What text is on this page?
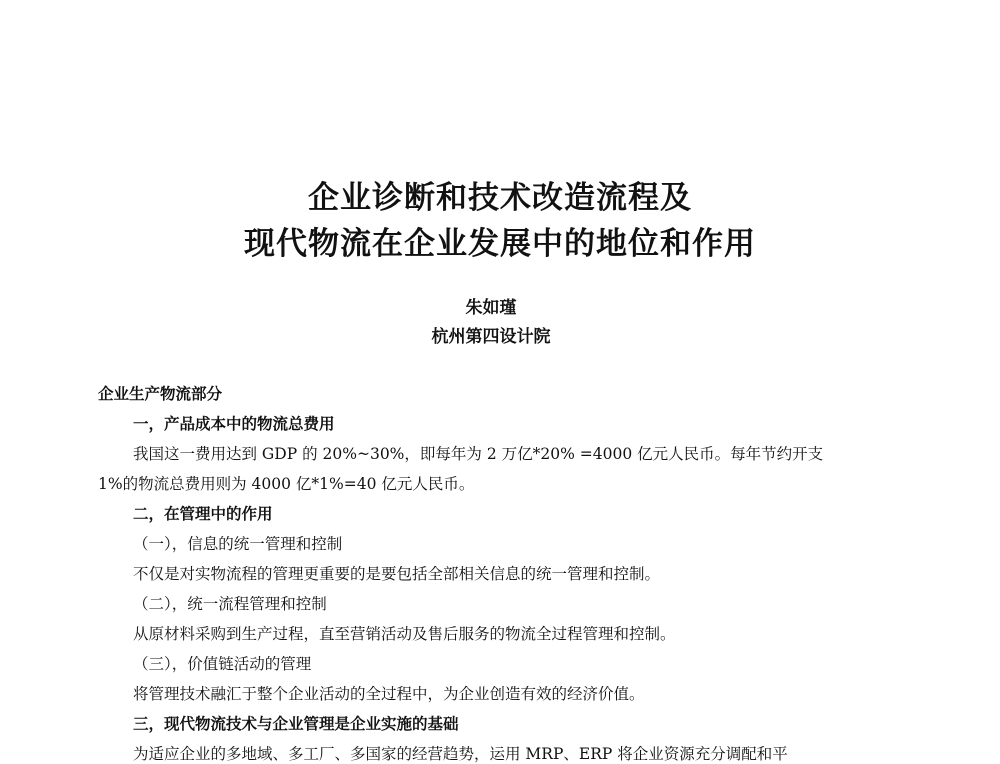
企业诊断和技术改造流程及
现代物流在企业发展中的地位和作用
朱如瑾
杭州第四设计院
企业生产物流部分
一，产品成本中的物流总费用
我国这一费用达到 GDP 的 20%~30%，即每年为 2 万亿*20% =4000 亿元人民币。每年节约开支
1%的物流总费用则为 4000 亿*1%=40 亿元人民币。
二，在管理中的作用
（一），信息的统一管理和控制
不仅是对实物流程的管理更重要的是要包括全部相关信息的统一管理和控制。
（二），统一流程管理和控制
从原材料采购到生产过程，直至营销活动及售后服务的物流全过程管理和控制。
（三），价值链活动的管理
将管理技术融汇于整个企业活动的全过程中，为企业创造有效的经济价值。
三，现代物流技术与企业管理是企业实施的基础
为适应企业的多地域、多工厂、多国家的经营趋势，运用 MRP、ERP 将企业资源充分调配和平
